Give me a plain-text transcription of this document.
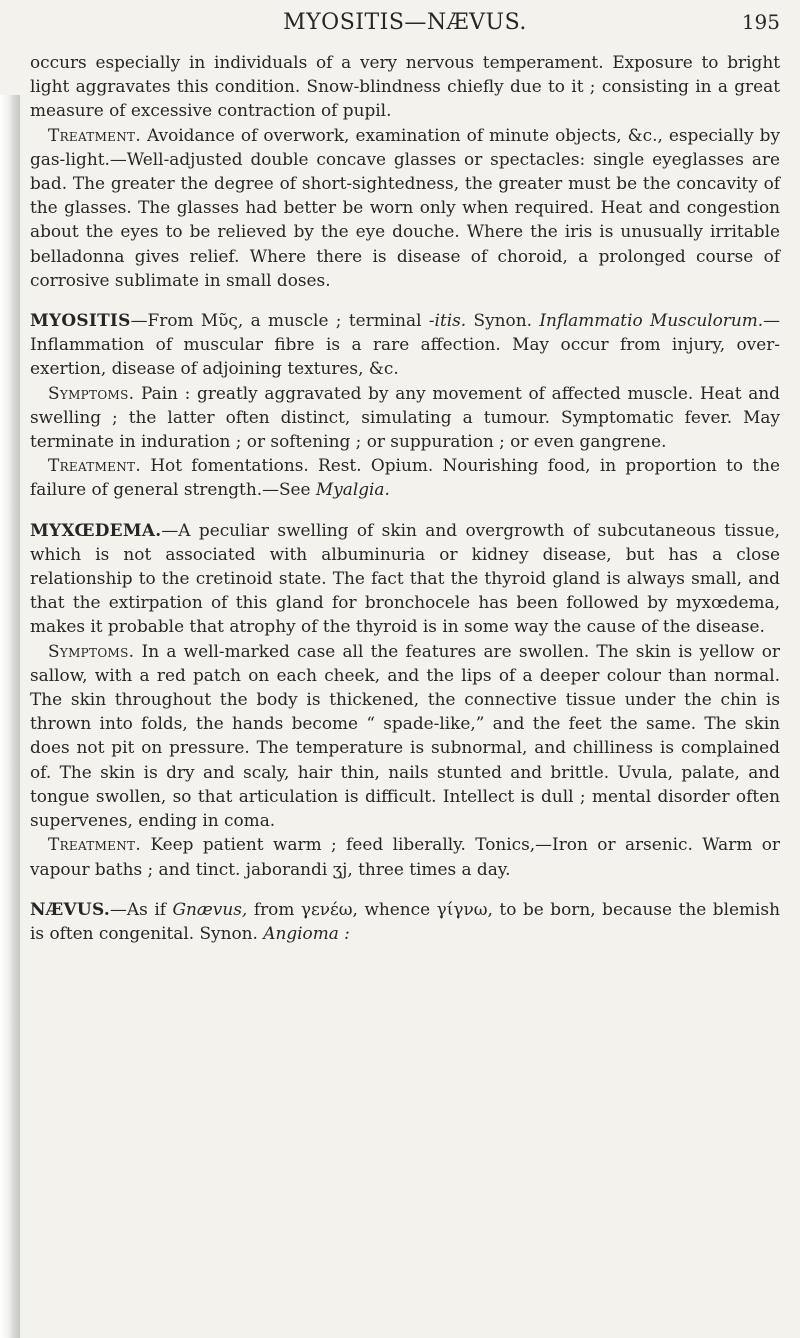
MYOSITIS—NÆVUS.	195

occurs especially in individuals of a very nervous temperament. Exposure to bright light aggravates this condition. Snow-blindness chiefly due to it ; consisting in a great measure of excessive contraction of pupil.

Treatment. Avoidance of overwork, examination of minute objects, &c., especially by gas-light.—Well-adjusted double concave glasses or spectacles: single eyeglasses are bad. The greater the degree of short-sightedness, the greater must be the concavity of the glasses. The glasses had better be worn only when required. Heat and congestion about the eyes to be relieved by the eye douche. Where the iris is unusually irritable belladonna gives relief. Where there is disease of choroid, a prolonged course of corrosive sublimate in small doses.

MYOSITIS—From Μῦς, a muscle ; terminal -itis. Synon. Inflammatio Musculorum.—Inflammation of muscular fibre is a rare affection. May occur from injury, over-exertion, disease of adjoining textures, &c.

Symptoms. Pain : greatly aggravated by any movement of affected muscle. Heat and swelling ; the latter often distinct, simulating a tumour. Symptomatic fever. May terminate in induration ; or softening ; or suppuration ; or even gangrene.

Treatment. Hot fomentations. Rest. Opium. Nourishing food, in proportion to the failure of general strength.—See Myalgia.

MYXŒDEMA.—A peculiar swelling of skin and overgrowth of subcutaneous tissue, which is not associated with albuminuria or kidney disease, but has a close relationship to the cretinoid state. The fact that the thyroid gland is always small, and that the extirpation of this gland for bronchocele has been followed by myxœdema, makes it probable that atrophy of the thyroid is in some way the cause of the disease.

Symptoms. In a well-marked case all the features are swollen. The skin is yellow or sallow, with a red patch on each cheek, and the lips of a deeper colour than normal. The skin throughout the body is thickened, the connective tissue under the chin is thrown into folds, the hands become “ spade-like,” and the feet the same. The skin does not pit on pressure. The temperature is subnormal, and chilliness is complained of. The skin is dry and scaly, hair thin, nails stunted and brittle. Uvula, palate, and tongue swollen, so that articulation is difficult. Intellect is dull ; mental disorder often supervenes, ending in coma.

Treatment. Keep patient warm ; feed liberally. Tonics,—Iron or arsenic. Warm or vapour baths ; and tinct. jaborandi ʒj, three times a day.

NÆVUS.—As if Gnævus, from γενέω, whence γίγνω, to be born, because the blemish is often congenital. Synon. Angioma :
